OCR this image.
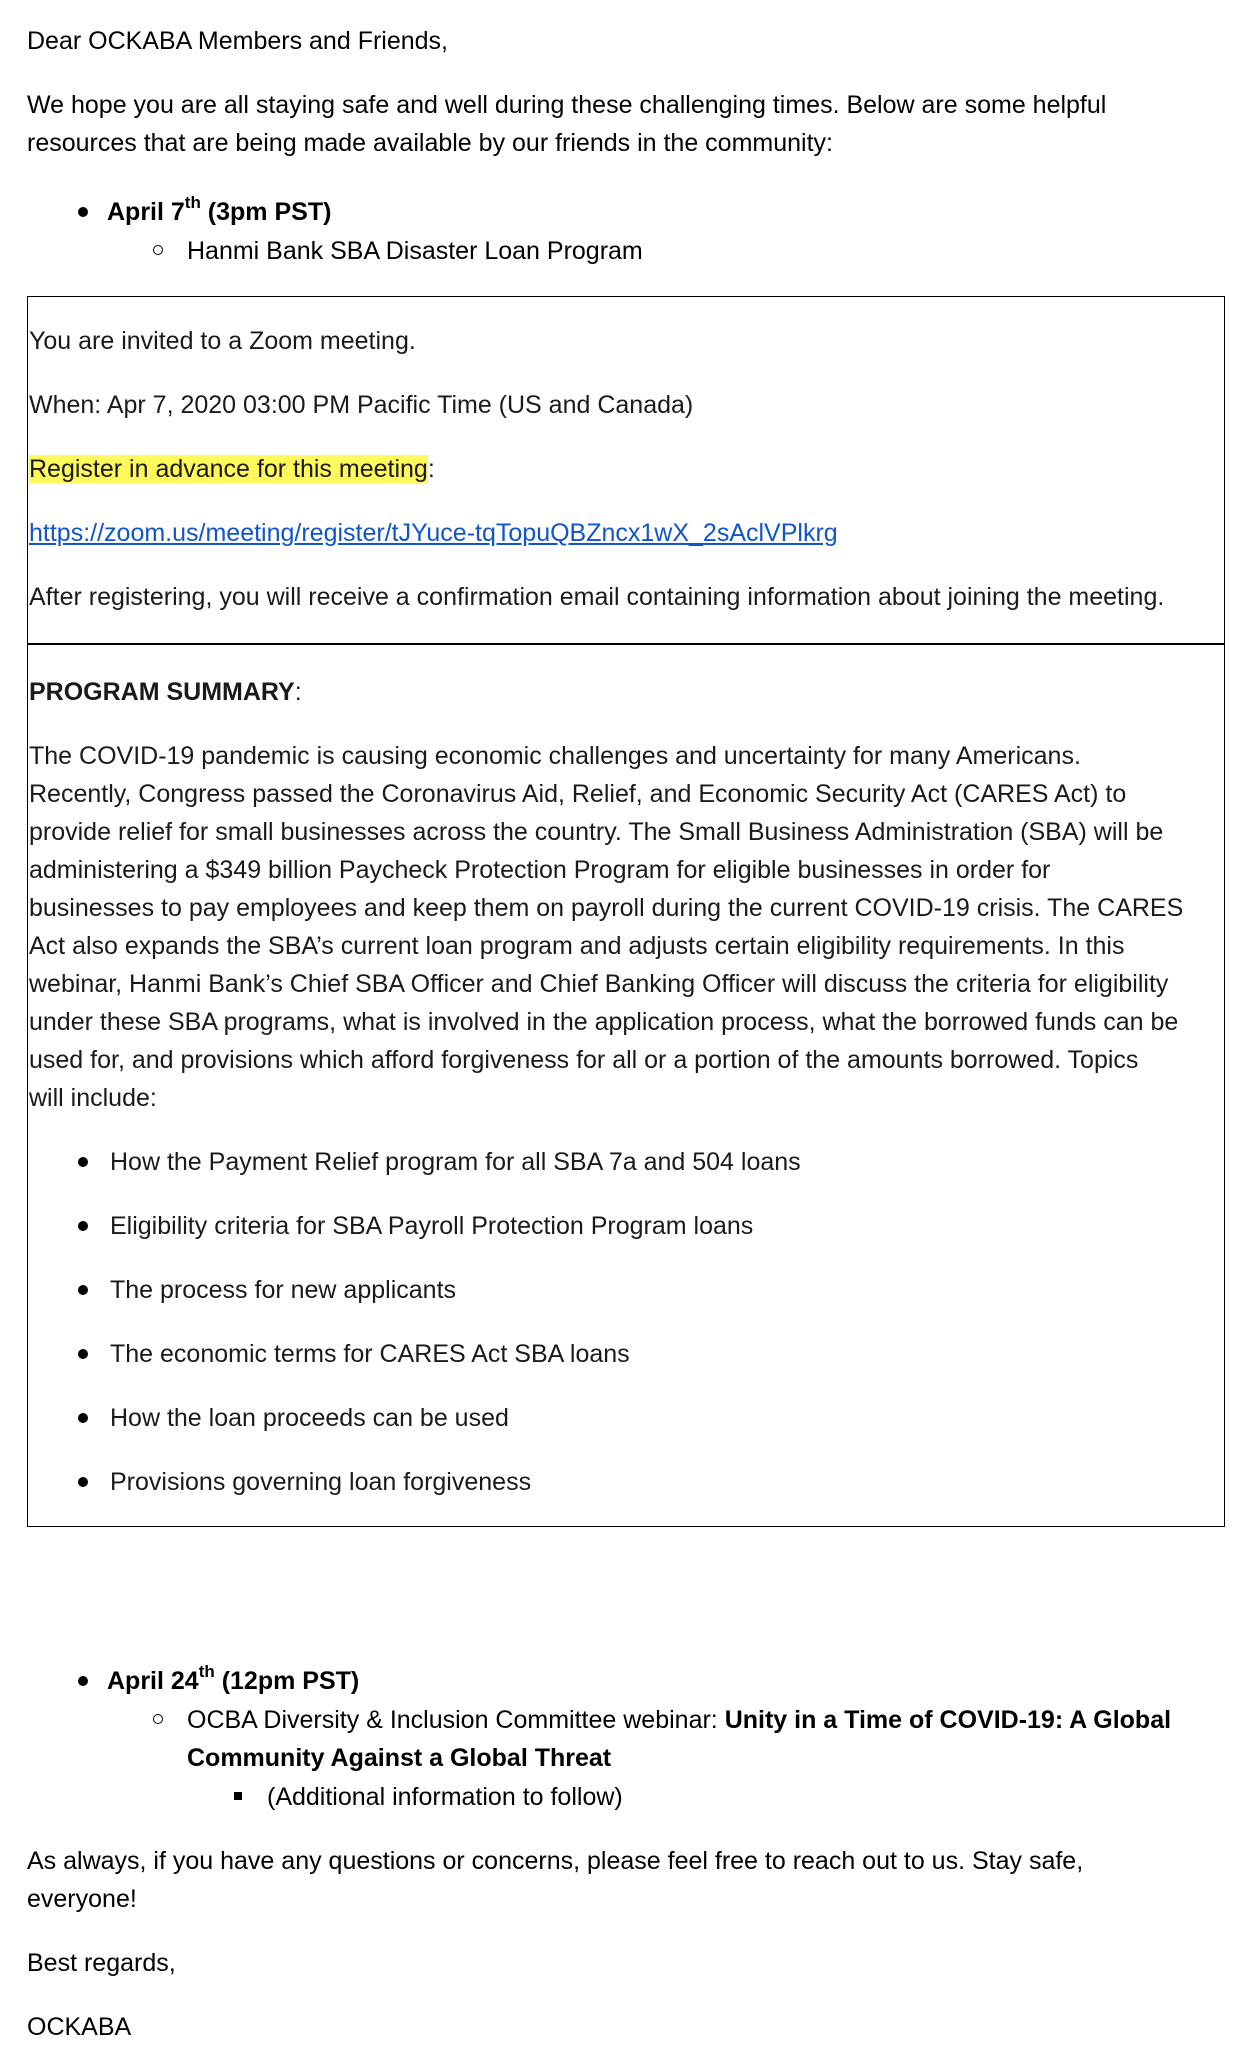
Dear OCKABA Members and Friends,

We hope you are all staying safe and well during these challenging times. Below are some helpful

resources that are being made available by our friends in the community:

April 7th (3pm PST)

Hanmi Bank SBA Disaster Loan Program

You are invited to a Zoom meeting.
When: Apr 7, 2020 03:00 PM Pacific Time (US and Canada)
Register in advance for this meeting:
https://zoom.us/meeting/register/tJYuce-tqTopuQBZncx1wX_2sAclVPlkrg
After registering, you will receive a confirmation email containing information about joining the meeting.
PROGRAM SUMMARY:
The COVID-19 pandemic is causing economic challenges and uncertainty for many Americans.
Recently, Congress passed the Coronavirus Aid, Relief, and Economic Security Act (CARES Act) to
provide relief for small businesses across the country. The Small Business Administration (SBA) will be
administering a $349 billion Paycheck Protection Program for eligible businesses in order for
businesses to pay employees and keep them on payroll during the current COVID-19 crisis. The CARES
Act also expands the SBA’s current loan program and adjusts certain eligibility requirements. In this
webinar, Hanmi Bank’s Chief SBA Officer and Chief Banking Officer will discuss the criteria for eligibility
under these SBA programs, what is involved in the application process, what the borrowed funds can be
used for, and provisions which afford forgiveness for all or a portion of the amounts borrowed. Topics
will include:
How the Payment Relief program for all SBA 7a and 504 loans
Eligibility criteria for SBA Payroll Protection Program loans
The process for new applicants
The economic terms for CARES Act SBA loans
How the loan proceeds can be used
Provisions governing loan forgiveness

April 24th (12pm PST)

OCBA Diversity & Inclusion Committee webinar: Unity in a Time of COVID-19: A Global

Community Against a Global Threat

(Additional information to follow)

As always, if you have any questions or concerns, please feel free to reach out to us. Stay safe,

everyone!

Best regards,

OCKABA
